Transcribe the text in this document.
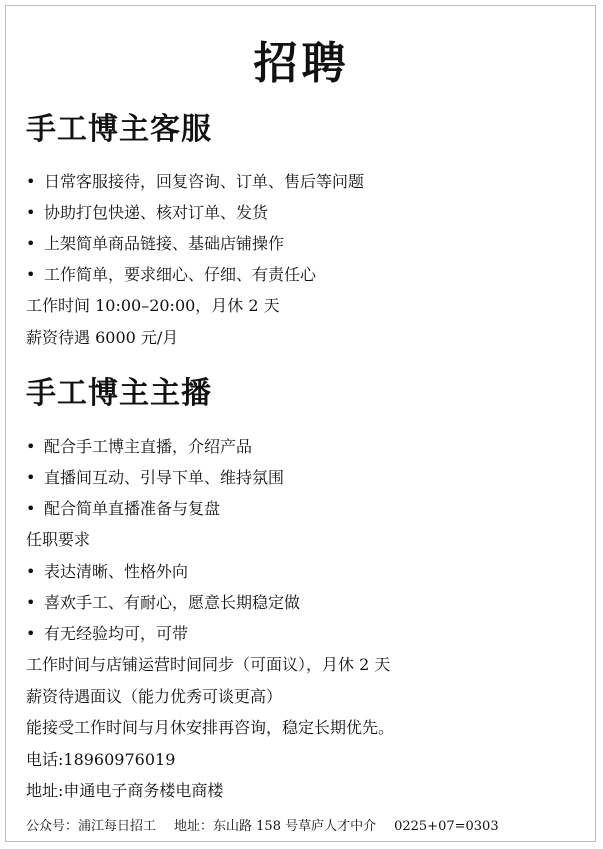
招聘
手工博主客服
• 日常客服接待，回复咨询、订单、售后等问题
• 协助打包快递、核对订单、发货
• 上架简单商品链接、基础店铺操作
• 工作简单，要求细心、仔细、有责任心
工作时间 10:00–20:00，月休 2 天
薪资待遇 6000 元/月
手工博主主播
• 配合手工博主直播，介绍产品
• 直播间互动、引导下单、维持氛围
• 配合简单直播准备与复盘
任职要求
• 表达清晰、性格外向
• 喜欢手工、有耐心，愿意长期稳定做
• 有无经验均可，可带
工作时间与店铺运营时间同步（可面议），月休 2 天
薪资待遇面议（能力优秀可谈更高）
能接受工作时间与月休安排再咨询，稳定长期优先。
电话:18960976019
地址:申通电子商务楼电商楼
公众号：浦江每日招工 地址：东山路 158 号草庐人才中介 0225+07=0303
